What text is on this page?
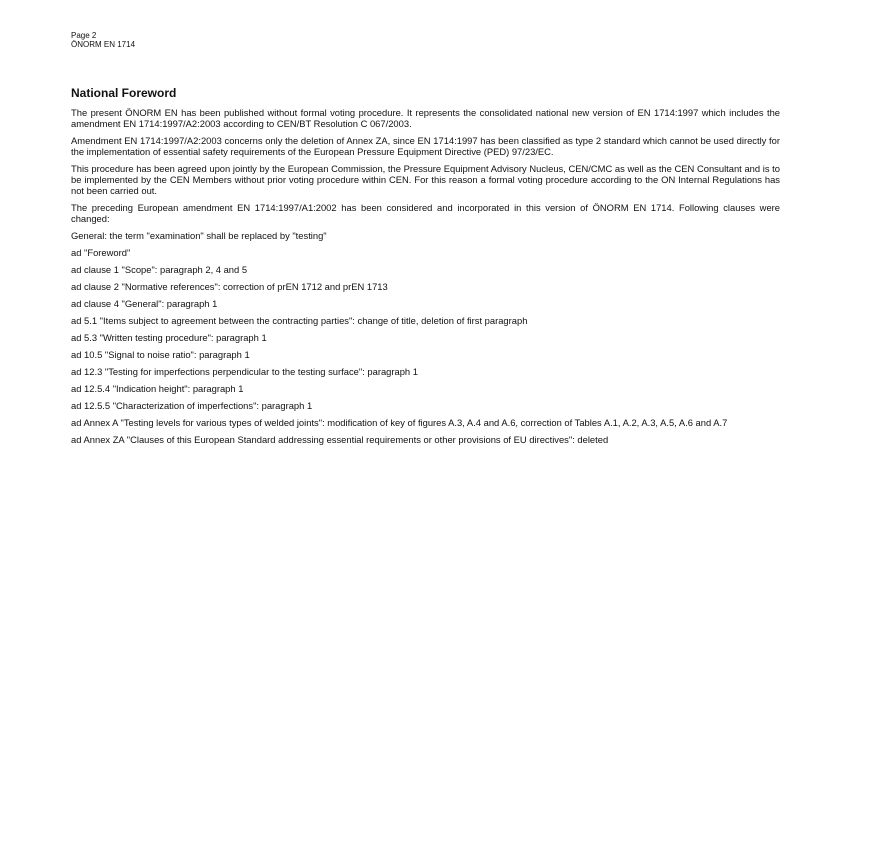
Page 2
ÖNORM EN 1714
National Foreword

The present ÖNORM EN has been published without formal voting procedure. It represents the consolidated national new version of EN 1714:1997 which includes the amendment EN 1714:1997/A2:2003 according to CEN/BT Resolution C 067/2003.

Amendment EN 1714:1997/A2:2003 concerns only the deletion of Annex ZA, since EN 1714:1997 has been classified as type 2 standard which cannot be used directly for the implementation of essential safety requirements of the European Pressure Equipment Directive (PED) 97/23/EC.

This procedure has been agreed upon jointly by the European Commission, the Pressure Equipment Advisory Nucleus, CEN/CMC as well as the CEN Consultant and is to be implemented by the CEN Members without prior voting procedure within CEN. For this reason a formal voting procedure according to the ON Internal Regulations has not been carried out.

The preceding European amendment EN 1714:1997/A1:2002 has been considered and incorporated in this version of ÖNORM EN 1714. Following clauses were changed:

General: the term "examination" shall be replaced by "testing"

ad "Foreword"

ad clause 1 "Scope": paragraph 2, 4 and 5

ad clause 2 "Normative references": correction of prEN 1712 and prEN 1713

ad clause 4 "General": paragraph 1

ad 5.1 "Items subject to agreement between the contracting parties": change of title, deletion of first paragraph

ad 5.3 "Written testing procedure": paragraph 1

ad 10.5 "Signal to noise ratio": paragraph 1

ad 12.3 "Testing for imperfections perpendicular to the testing surface": paragraph 1

ad 12.5.4 "Indication height": paragraph 1

ad 12.5.5 "Characterization of imperfections": paragraph 1

ad Annex A "Testing levels for various types of welded joints": modification of key of figures A.3, A.4 and A.6, correction of Tables A.1, A.2, A.3, A.5, A.6 and A.7

ad Annex ZA "Clauses of this European Standard addressing essential requirements or other provisions of EU directives": deleted
